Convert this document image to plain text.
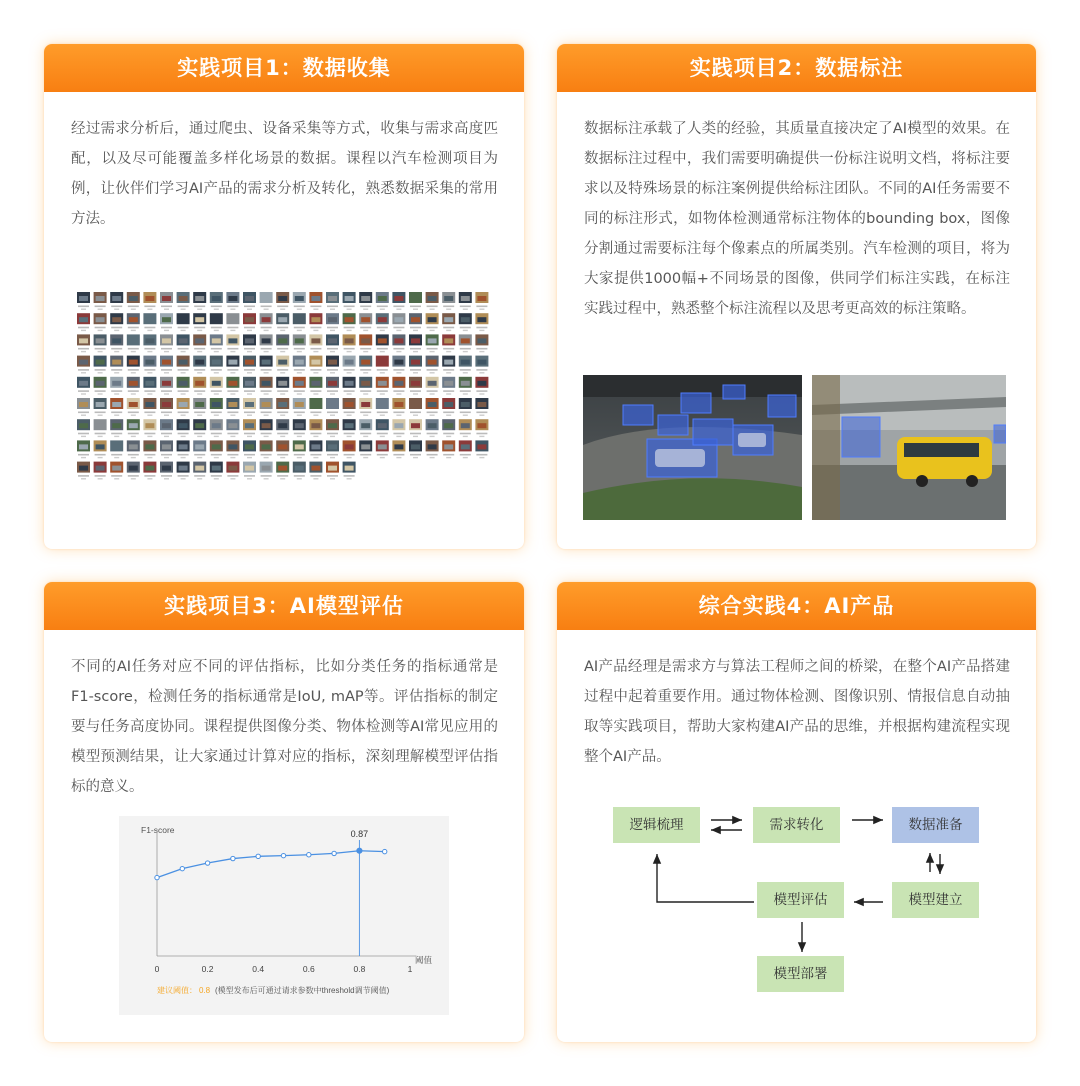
实践项目1：数据收集
经过需求分析后，通过爬虫、设备采集等方式，收集与需求高度匹配，以及尽可能覆盖多样化场景的数据。课程以汽车检测项目为例，让伙伴们学习AI产品的需求分析及转化，熟悉数据采集的常用方法。
实践项目2：数据标注
数据标注承载了人类的经验，其质量直接决定了AI模型的效果。在数据标注过程中，我们需要明确提供一份标注说明文档，将标注要求以及特殊场景的标注案例提供给标注团队。不同的AI任务需要不同的标注形式，如物体检测通常标注物体的bounding box，图像分割通过需要标注每个像素点的所属类别。汽车检测的项目，将为大家提供1000幅+不同场景的图像，供同学们标注实践，在标注实践过程中，熟悉整个标注流程以及思考更高效的标注策略。
实践项目3：AI模型评估
不同的AI任务对应不同的评估指标，比如分类任务的指标通常是F1-score，检测任务的指标通常是IoU, mAP等。评估指标的制定要与任务高度协同。课程提供图像分类、物体检测等AI常见应用的模型预测结果，让大家通过计算对应的指标，深刻理解模型评估指标的意义。
F1-score
阈值
建议阈值： 0.8 (模型发布后可通过请求参数中threshold调节阈值)
0.87
0	0.2	0.4	0.6	0.8	1
综合实践4：AI产品
AI产品经理是需求方与算法工程师之间的桥梁，在整个AI产品搭建过程中起着重要作用。通过物体检测、图像识别、情报信息自动抽取等实践项目，帮助大家构建AI产品的思维，并根据构建流程实现整个AI产品。
逻辑梳理	需求转化	数据准备
模型建立
模型评估
模型部署
